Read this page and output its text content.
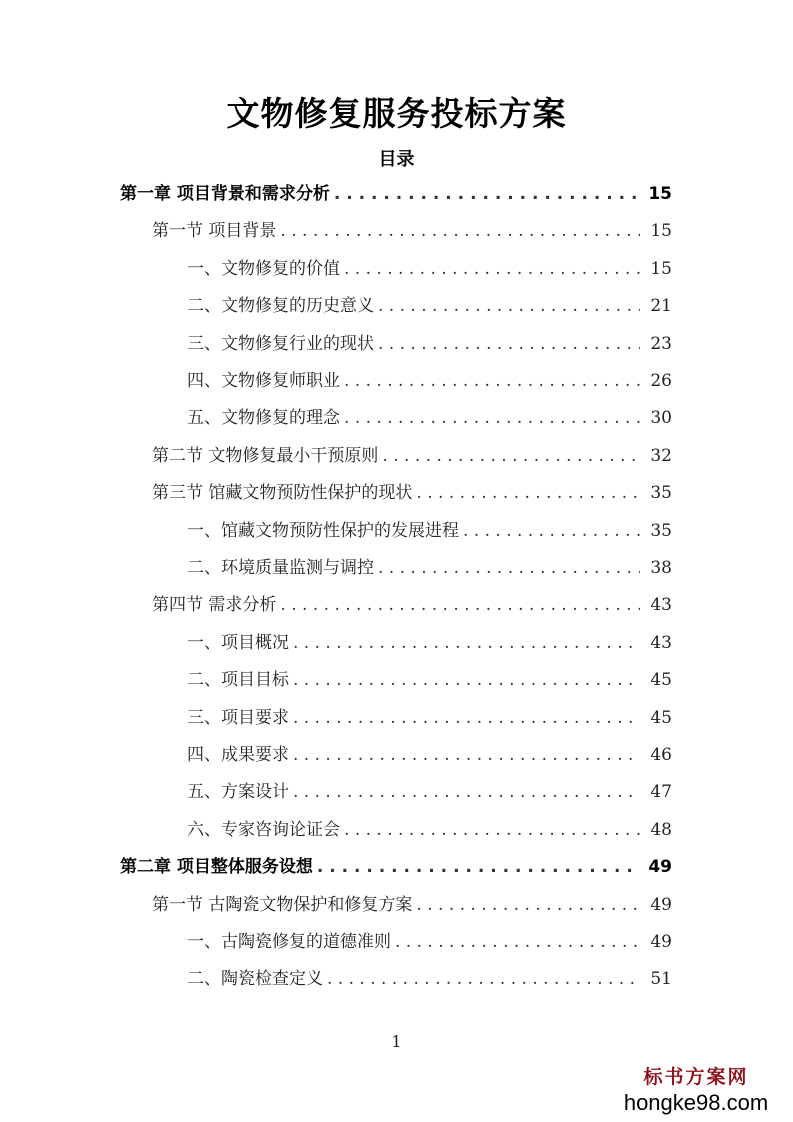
文物修复服务投标方案
目录
第一章 项目背景和需求分析 . . .	15
第一节 项目背景 . . .	15
一、文物修复的价值 . . .	15
二、文物修复的历史意义 . . .	21
三、文物修复行业的现状 . . .	23
四、文物修复师职业 . . .	26
五、文物修复的理念 . . .	30
第二节 文物修复最小干预原则 . . .	32
第三节 馆藏文物预防性保护的现状 . . .	35
一、馆藏文物预防性保护的发展进程 . . .	35
二、环境质量监测与调控 . . .	38
第四节 需求分析 . . .	43
一、项目概况 . . .	43
二、项目目标 . . .	45
三、项目要求 . . .	45
四、成果要求 . . .	46
五、方案设计 . . .	47
六、专家咨询论证会 . . .	48
第二章 项目整体服务设想 . . .	49
第一节 古陶瓷文物保护和修复方案 . . .	49
一、古陶瓷修复的道德准则 . . .	49
二、陶瓷检查定义 . . .	51
1
标书方案网
hongke98.com
